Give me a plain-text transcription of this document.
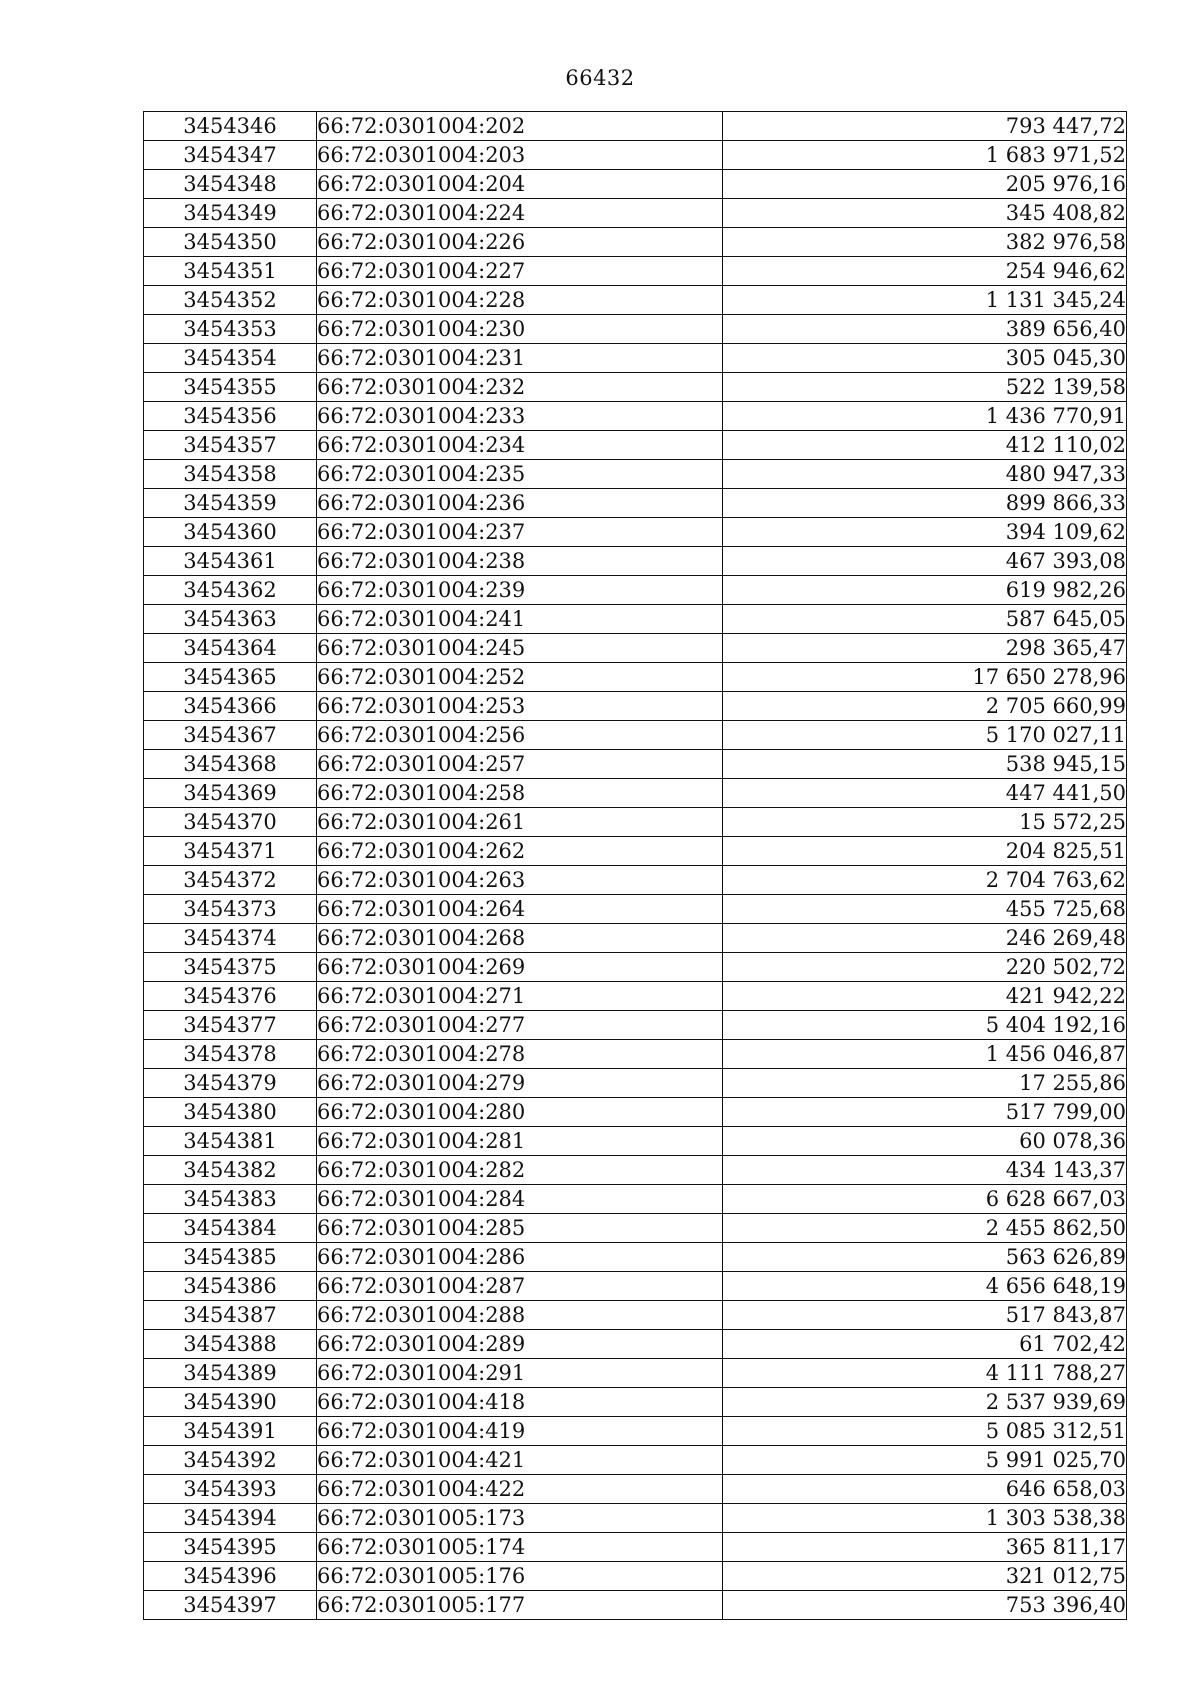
66432
3454346	66:72:0301004:202	793 447,72
3454347	66:72:0301004:203	1 683 971,52
3454348	66:72:0301004:204	205 976,16
3454349	66:72:0301004:224	345 408,82
3454350	66:72:0301004:226	382 976,58
3454351	66:72:0301004:227	254 946,62
3454352	66:72:0301004:228	1 131 345,24
3454353	66:72:0301004:230	389 656,40
3454354	66:72:0301004:231	305 045,30
3454355	66:72:0301004:232	522 139,58
3454356	66:72:0301004:233	1 436 770,91
3454357	66:72:0301004:234	412 110,02
3454358	66:72:0301004:235	480 947,33
3454359	66:72:0301004:236	899 866,33
3454360	66:72:0301004:237	394 109,62
3454361	66:72:0301004:238	467 393,08
3454362	66:72:0301004:239	619 982,26
3454363	66:72:0301004:241	587 645,05
3454364	66:72:0301004:245	298 365,47
3454365	66:72:0301004:252	17 650 278,96
3454366	66:72:0301004:253	2 705 660,99
3454367	66:72:0301004:256	5 170 027,11
3454368	66:72:0301004:257	538 945,15
3454369	66:72:0301004:258	447 441,50
3454370	66:72:0301004:261	15 572,25
3454371	66:72:0301004:262	204 825,51
3454372	66:72:0301004:263	2 704 763,62
3454373	66:72:0301004:264	455 725,68
3454374	66:72:0301004:268	246 269,48
3454375	66:72:0301004:269	220 502,72
3454376	66:72:0301004:271	421 942,22
3454377	66:72:0301004:277	5 404 192,16
3454378	66:72:0301004:278	1 456 046,87
3454379	66:72:0301004:279	17 255,86
3454380	66:72:0301004:280	517 799,00
3454381	66:72:0301004:281	60 078,36
3454382	66:72:0301004:282	434 143,37
3454383	66:72:0301004:284	6 628 667,03
3454384	66:72:0301004:285	2 455 862,50
3454385	66:72:0301004:286	563 626,89
3454386	66:72:0301004:287	4 656 648,19
3454387	66:72:0301004:288	517 843,87
3454388	66:72:0301004:289	61 702,42
3454389	66:72:0301004:291	4 111 788,27
3454390	66:72:0301004:418	2 537 939,69
3454391	66:72:0301004:419	5 085 312,51
3454392	66:72:0301004:421	5 991 025,70
3454393	66:72:0301004:422	646 658,03
3454394	66:72:0301005:173	1 303 538,38
3454395	66:72:0301005:174	365 811,17
3454396	66:72:0301005:176	321 012,75
3454397	66:72:0301005:177	753 396,40
